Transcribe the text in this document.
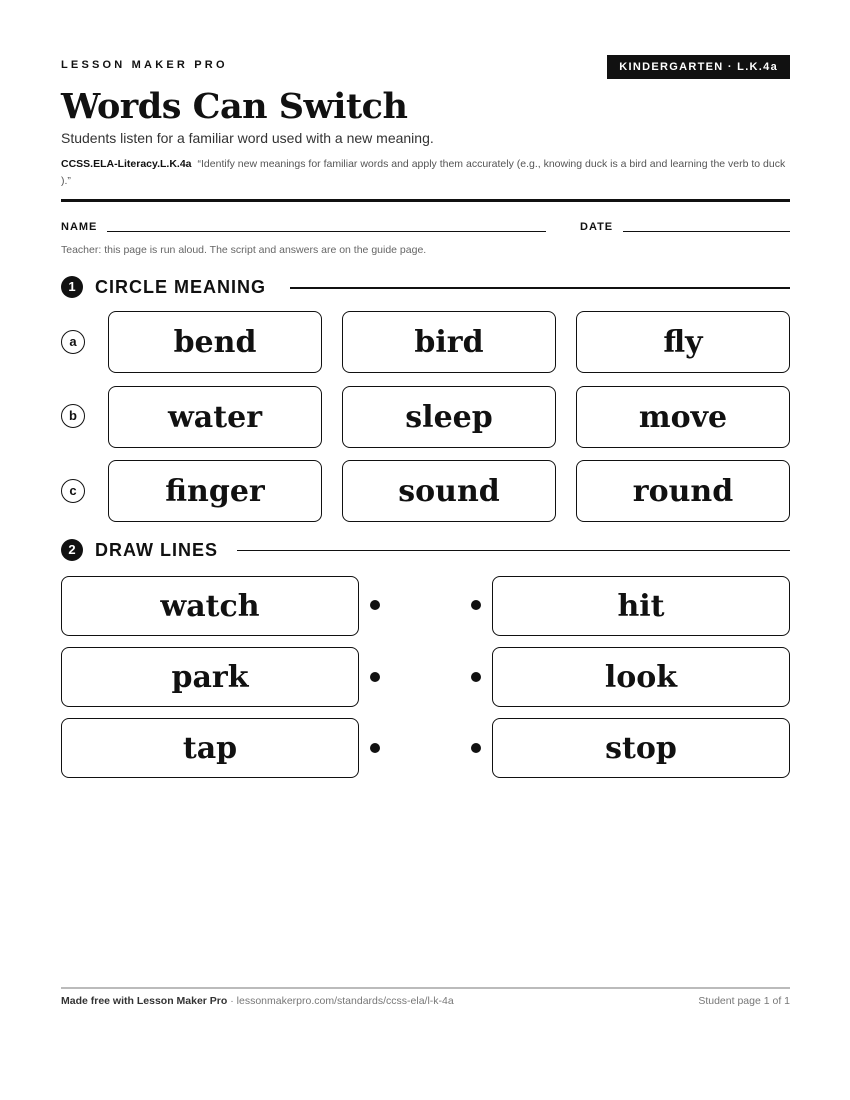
LESSON MAKER PRO	KINDERGARTEN · L.K.4a
Words Can Switch
Students listen for a familiar word used with a new meaning.
CCSS.ELA-Literacy.L.K.4a “Identify new meanings for familiar words and apply them accurately (e.g., knowing duck is a bird and learning the verb to duck ).”
NAME	DATE
Teacher: this page is run aloud. The script and answers are on the guide page.
1	CIRCLE MEANING
a	bend	bird	fly
b	water	sleep	move
c	finger	sound	round
2	DRAW LINES
watch	hit
park	look
tap	stop
Made free with Lesson Maker Pro · lessonmakerpro.com/standards/ccss-ela/l-k-4a	Student page 1 of 1
